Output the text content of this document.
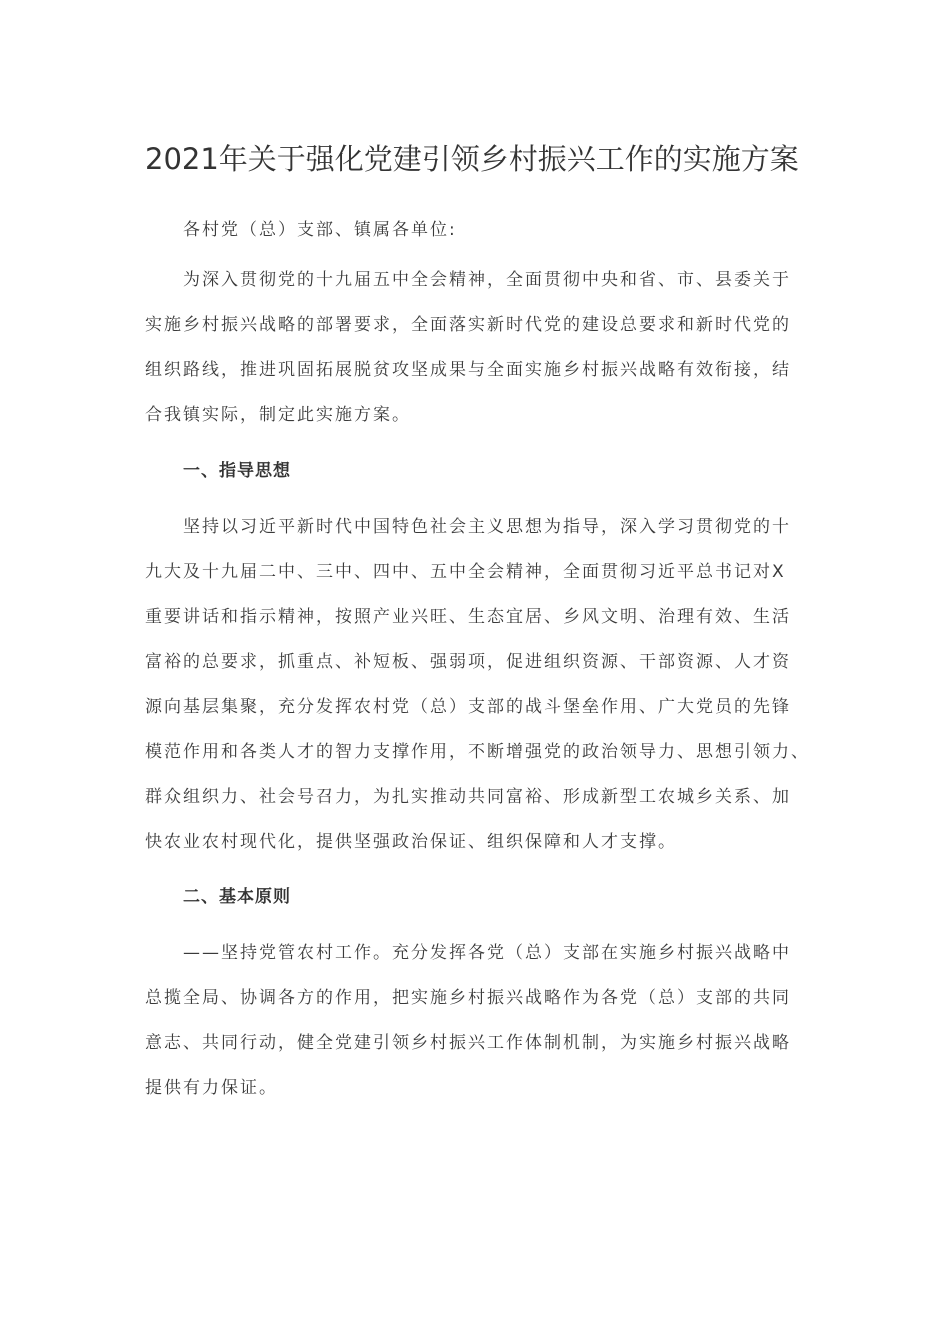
2021年关于强化党建引领乡村振兴工作的实施方案
各村党（总）支部、镇属各单位:
为深入贯彻党的十九届五中全会精神，全面贯彻中央和省、市、县委关于
实施乡村振兴战略的部署要求，全面落实新时代党的建设总要求和新时代党的
组织路线，推进巩固拓展脱贫攻坚成果与全面实施乡村振兴战略有效衔接，结
合我镇实际，制定此实施方案。
一、指导思想
坚持以习近平新时代中国特色社会主义思想为指导，深入学习贯彻党的十
九大及十九届二中、三中、四中、五中全会精神，全面贯彻习近平总书记对X
重要讲话和指示精神，按照产业兴旺、生态宜居、乡风文明、治理有效、生活
富裕的总要求，抓重点、补短板、强弱项，促进组织资源、干部资源、人才资
源向基层集聚，充分发挥农村党（总）支部的战斗堡垒作用、广大党员的先锋
模范作用和各类人才的智力支撑作用，不断增强党的政治领导力、思想引领力、
群众组织力、社会号召力，为扎实推动共同富裕、形成新型工农城乡关系、加
快农业农村现代化，提供坚强政治保证、组织保障和人才支撑。
二、基本原则
——坚持党管农村工作。充分发挥各党（总）支部在实施乡村振兴战略中
总揽全局、协调各方的作用，把实施乡村振兴战略作为各党（总）支部的共同
意志、共同行动，健全党建引领乡村振兴工作体制机制，为实施乡村振兴战略
提供有力保证。
